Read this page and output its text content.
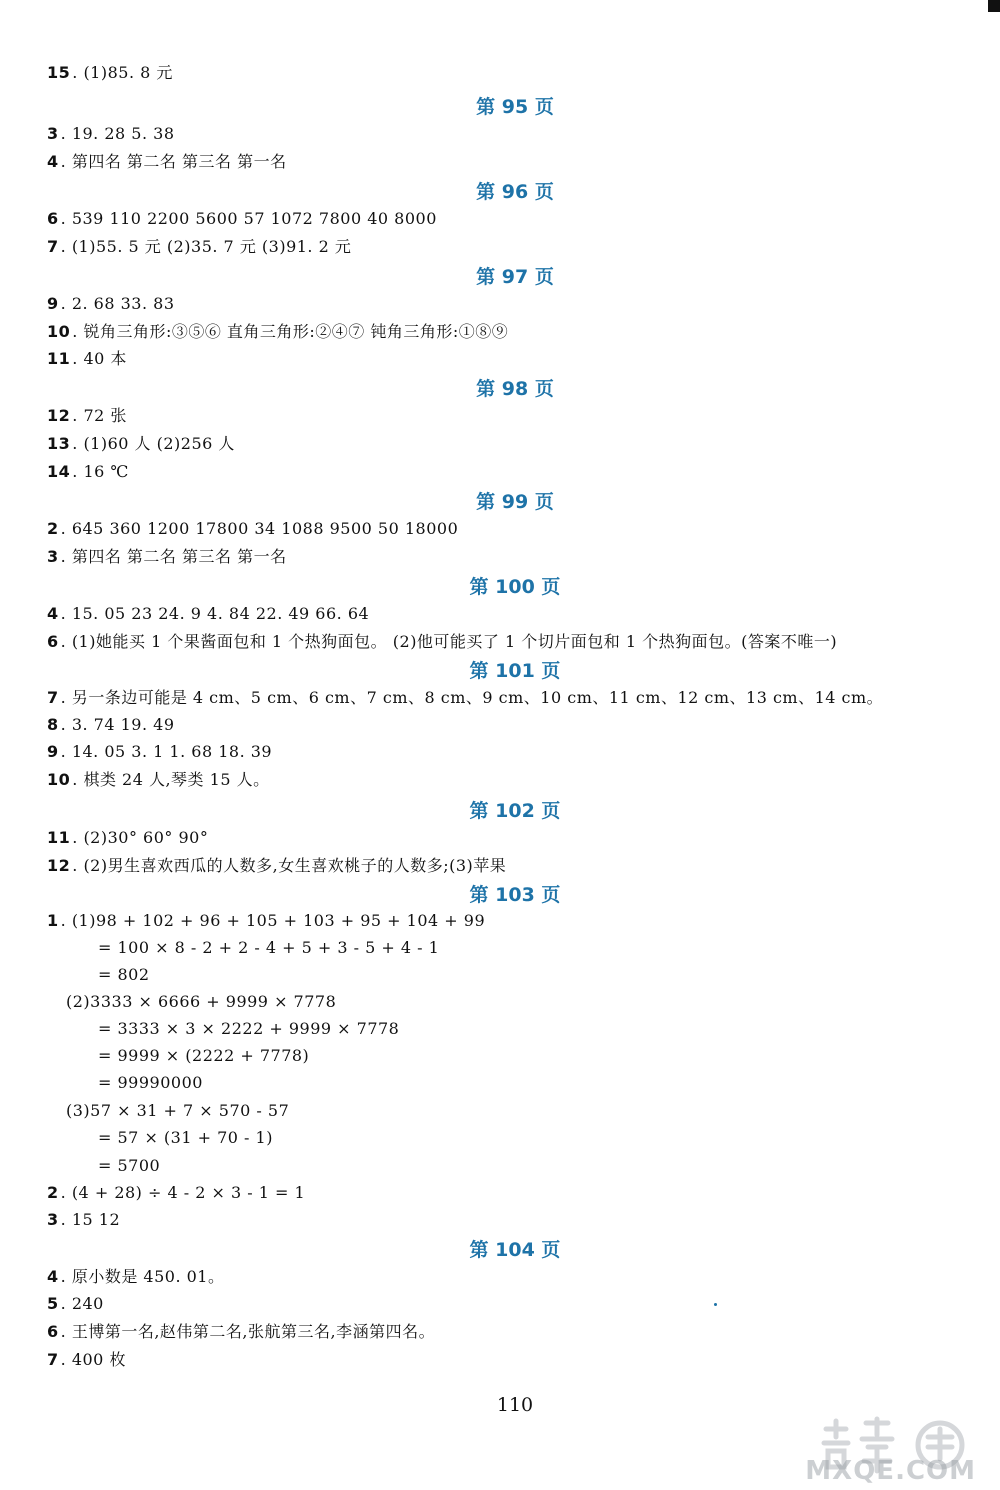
15 . (1)85. 8 元
第 95 页
3 . 19. 28 5. 38
4 . 第四名 第二名 第三名 第一名
第 96 页
6 . 539 110 2200 5600 57 1072 7800 40 8000
7 . (1)55. 5 元 (2)35. 7 元 (3)91. 2 元
第 97 页
9 . 2. 68 33. 83
10 . 锐角三角形:③⑤⑥ 直角三角形:②④⑦ 钝角三角形:①⑧⑨
11 . 40 本
第 98 页
12 . 72 张
13 . (1)60 人 (2)256 人
14 . 16 ℃
第 99 页
2 . 645 360 1200 17800 34 1088 9500 50 18000
3 . 第四名 第二名 第三名 第一名
第 100 页
4 . 15. 05 23 24. 9 4. 84 22. 49 66. 64
6 . (1)她能买 1 个果酱面包和 1 个热狗面包。 (2)他可能买了 1 个切片面包和 1 个热狗面包。(答案不唯一)
第 101 页
7 . 另一条边可能是 4 cm、5 cm、6 cm、7 cm、8 cm、9 cm、10 cm、11 cm、12 cm、13 cm、14 cm。
8 . 3. 74 19. 49
9 . 14. 05 3. 1 1. 68 18. 39
10 . 棋类 24 人,琴类 15 人。
第 102 页
11 . (2)30° 60° 90°
12 . (2)男生喜欢西瓜的人数多,女生喜欢桃子的人数多;(3)苹果
第 103 页
1 . (1)98 + 102 + 96 + 105 + 103 + 95 + 104 + 99
= 100 × 8 - 2 + 2 - 4 + 5 + 3 - 5 + 4 - 1
= 802
(2)3333 × 6666 + 9999 × 7778
= 3333 × 3 × 2222 + 9999 × 7778
= 9999 × (2222 + 7778)
= 99990000
(3)57 × 31 + 7 × 570 - 57
= 57 × (31 + 70 - 1)
= 5700
2 . (4 + 28) ÷ 4 - 2 × 3 - 1 = 1
3 . 15 12
第 104 页
4 . 原小数是 450. 01。
5 . 240
6 . 王博第一名,赵伟第二名,张航第三名,李涵第四名。
7 . 400 枚
110
MXQE.COM
